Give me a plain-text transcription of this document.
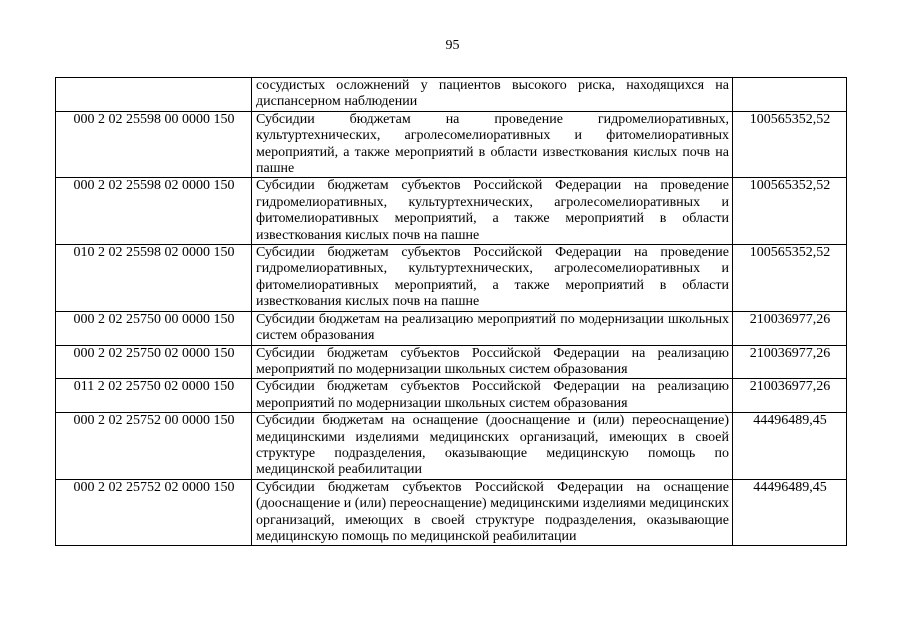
95
	сосудистых осложнений у пациентов высокого риска, находящихся на диспансерном наблюдении	
000 2 02 25598 00 0000 150	Субсидии бюджетам на проведение гидромелиоративных, культуртехнических, агролесомелиоративных и фитомелиоративных мероприятий, а также мероприятий в области известкования кислых почв на пашне	100565352,52
000 2 02 25598 02 0000 150	Субсидии бюджетам субъектов Российской Федерации на проведение гидромелиоративных, культуртехнических, агролесомелиоративных и фитомелиоративных мероприятий, а также мероприятий в области известкования кислых почв на пашне	100565352,52
010 2 02 25598 02 0000 150	Субсидии бюджетам субъектов Российской Федерации на проведение гидромелиоративных, культуртехнических, агролесомелиоративных и фитомелиоративных мероприятий, а также мероприятий в области известкования кислых почв на пашне	100565352,52
000 2 02 25750 00 0000 150	Субсидии бюджетам на реализацию мероприятий по модернизации школьных систем образования	210036977,26
000 2 02 25750 02 0000 150	Субсидии бюджетам субъектов Российской Федерации на реализацию мероприятий по модернизации школьных систем образования	210036977,26
011 2 02 25750 02 0000 150	Субсидии бюджетам субъектов Российской Федерации на реализацию мероприятий по модернизации школьных систем образования	210036977,26
000 2 02 25752 00 0000 150	Субсидии бюджетам на оснащение (дооснащение и (или) переоснащение) медицинскими изделиями медицинских организаций, имеющих в своей структуре подразделения, оказывающие медицинскую помощь по медицинской реабилитации	44496489,45
000 2 02 25752 02 0000 150	Субсидии бюджетам субъектов Российской Федерации на оснащение (дооснащение и (или) переоснащение) медицинскими изделиями медицинских организаций, имеющих в своей структуре подразделения, оказывающие медицинскую помощь по медицинской реабилитации	44496489,45
